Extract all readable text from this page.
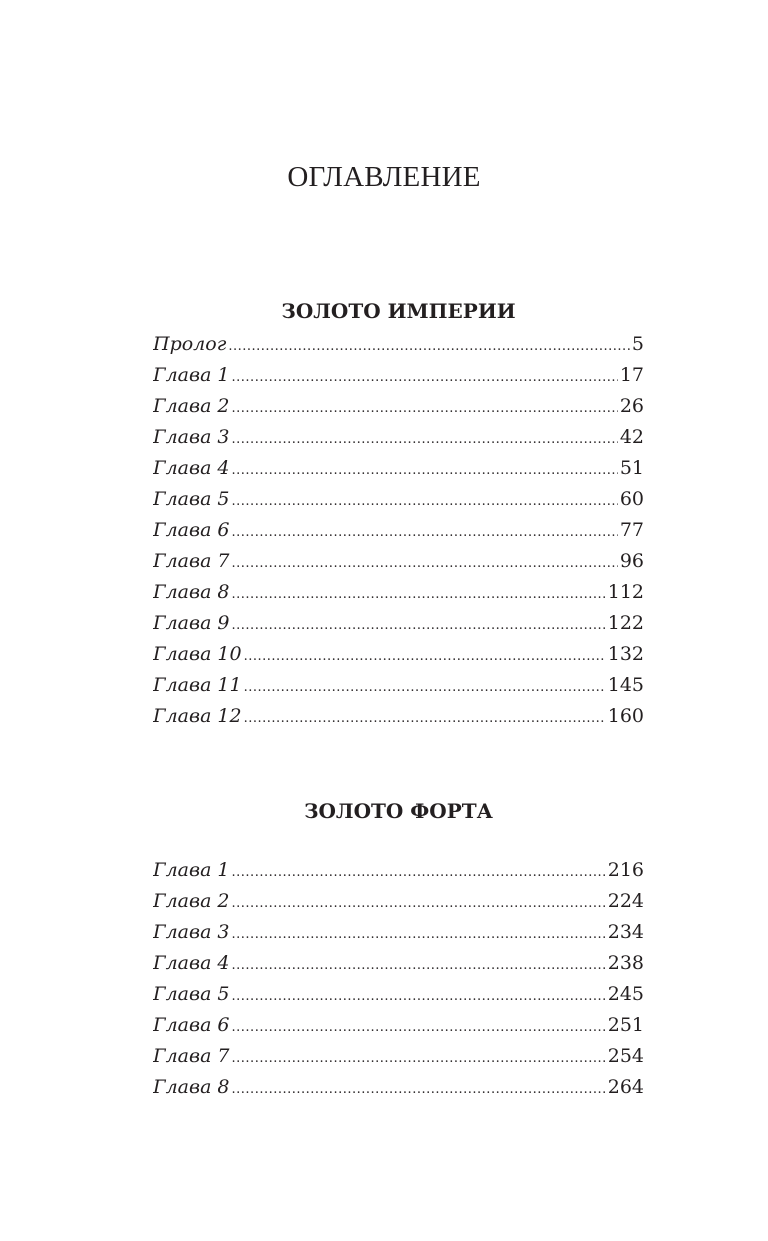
ОГЛАВЛЕНИЕ
ЗОЛОТО ИМПЕРИИ
Пролог .....	5
Глава 1 .....	17
Глава 2 .....	26
Глава 3 .....	42
Глава 4 .....	51
Глава 5 .....	60
Глава 6 .....	77
Глава 7 .....	96
Глава 8 .....	112
Глава 9 .....	122
Глава 10 .....	132
Глава 11 .....	145
Глава 12 .....	160
ЗОЛОТО ФОРТА
Глава 1 .....	216
Глава 2 .....	224
Глава 3 .....	234
Глава 4 .....	238
Глава 5 .....	245
Глава 6 .....	251
Глава 7 .....	254
Глава 8 .....	264
